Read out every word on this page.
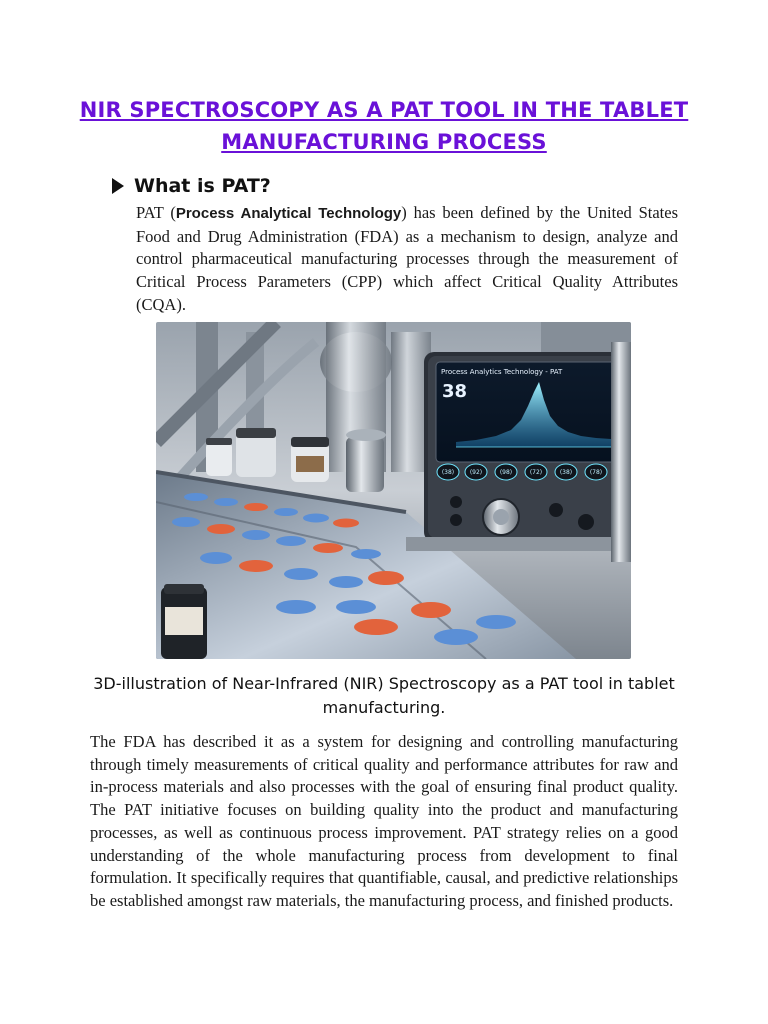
NIR SPECTROSCOPY AS A PAT TOOL IN THE TABLET
MANUFACTURING PROCESS
What is PAT?

PAT (Process Analytical Technology) has been defined by the United States Food and Drug Administration (FDA) as a mechanism to design, analyze and control pharmaceutical manufacturing processes through the measurement of Critical Process Parameters (CPP) which affect Critical Quality Attributes (CQA).

Process Analytics Technology - PAT
38
(38)	(92)	(98)	(72)	(38)	(78)
3D-illustration of Near-Infrared (NIR) Spectroscopy as a PAT tool in tablet manufacturing.

The FDA has described it as a system for designing and controlling manufacturing through timely measurements of critical quality and performance attributes for raw and in-process materials and also processes with the goal of ensuring final product quality. The PAT initiative focuses on building quality into the product and manufacturing processes, as well as continuous process improvement. PAT strategy relies on a good understanding of the whole manufacturing process from development to final formulation. It specifically requires that quantifiable, causal, and predictive relationships be established amongst raw materials, the manufacturing process, and finished products.
